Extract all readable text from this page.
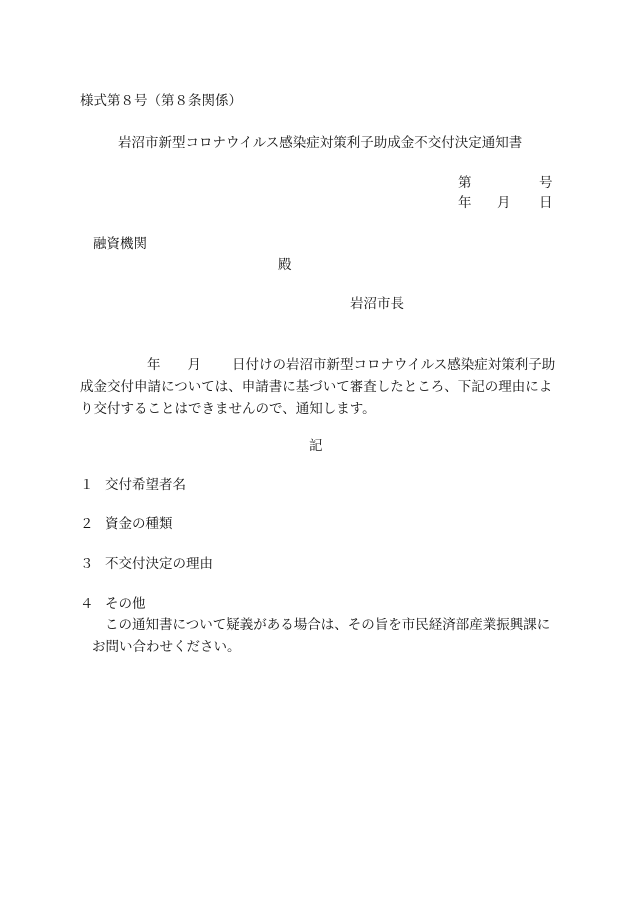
様式第８号（第８条関係）
岩沼市新型コロナウイルス感染症対策利子助成金不交付決定通知書
第	号
年 月 日
融資機関
殿
岩沼市長
年 月 日付けの岩沼市新型コロナウイルス感染症対策利子助
成金交付申請については、申請書に基づいて審査したところ、下記の理由によ
り交付することはできませんので、通知します。
記
１ 交付希望者名
２ 資金の種類
３ 不交付決定の理由
４ その他
この通知書について疑義がある場合は、その旨を市民経済部産業振興課に
お問い合わせください。
